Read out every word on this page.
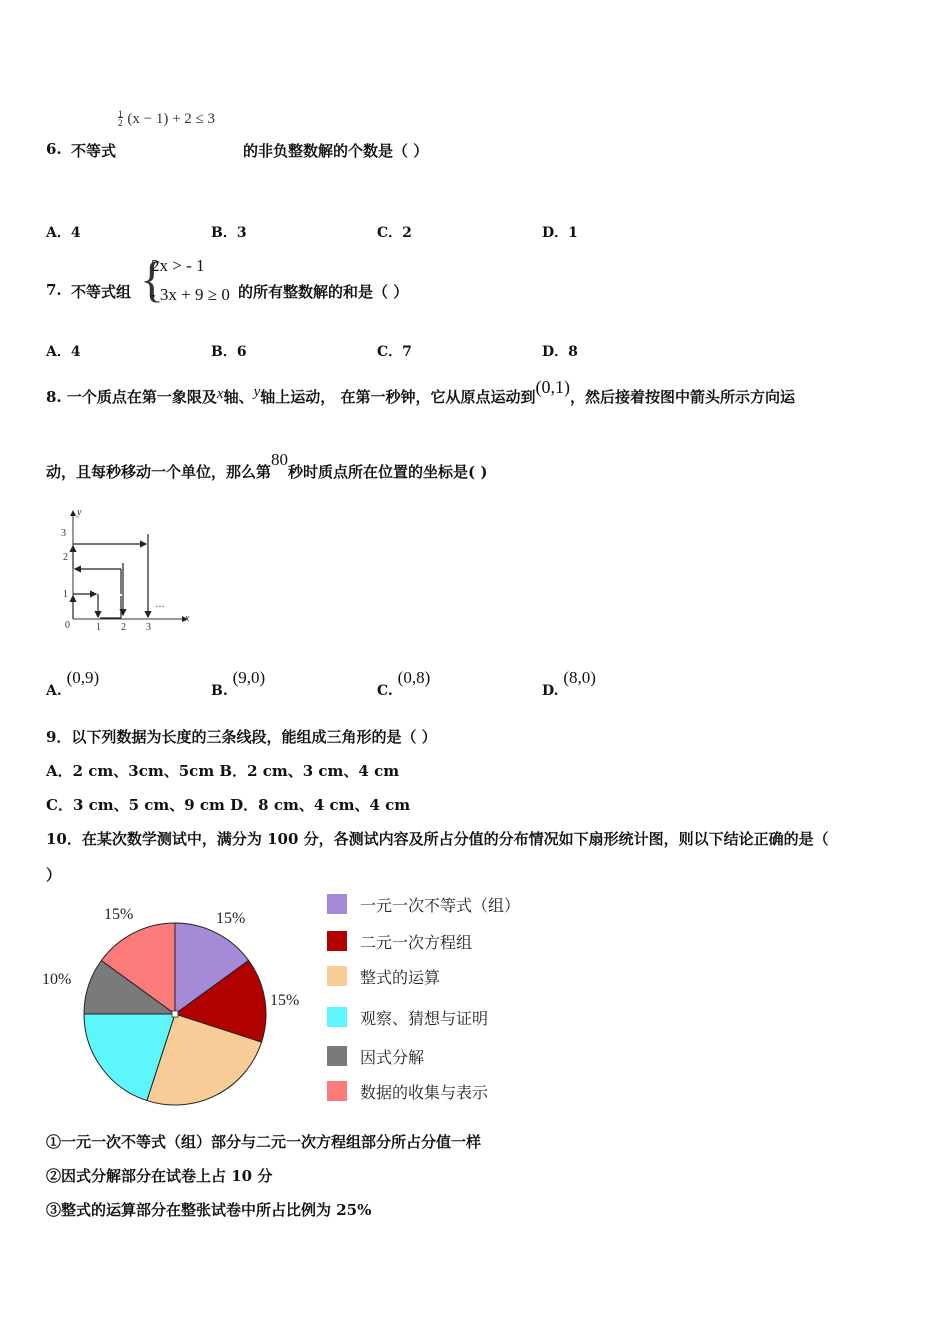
1
2 (x − 1) + 2 ≤ 3
6. 不等式	的非负整数解的个数是（ ）
A．4	B．3	C．2	D．1
7. 不等式组 {
2x > - 1
- 3x + 9 ≥ 0 的所有整数解的和是（ ）
A．4	B．6	C．7	D．8
8. 一个质点在第一象限及x轴、y轴上运动， 在第一秒钟，它从原点运动到(0,1)，然后接着按图中箭头所示方向运
动，且每秒移动一个单位，那么第80秒时质点所在位置的坐标是( )
y
x
0	1 2 3
1
2
3
…
A. (0,9)
B. (9,0)
C. (0,8)
D. (8,0)
9．以下列数据为长度的三条线段，能组成三角形的是（ ）
A．2 cm、3cm、5cm B．2 cm、3 cm、4 cm
C．3 cm、5 cm、9 cm D．8 cm、4 cm、4 cm
10．在某次数学测试中，满分为 100 分，各测试内容及所占分值的分布情况如下扇形统计图，则以下结论正确的是（
）
15%
15%
10%
15%	一元一次不等式（组）
二元一次方程组
整式的运算
观察、猜想与证明
因式分解
数据的收集与表示
①一元一次不等式（组）部分与二元一次方程组部分所占分值一样
②因式分解部分在试卷上占 10 分
③整式的运算部分在整张试卷中所占比例为 25%
